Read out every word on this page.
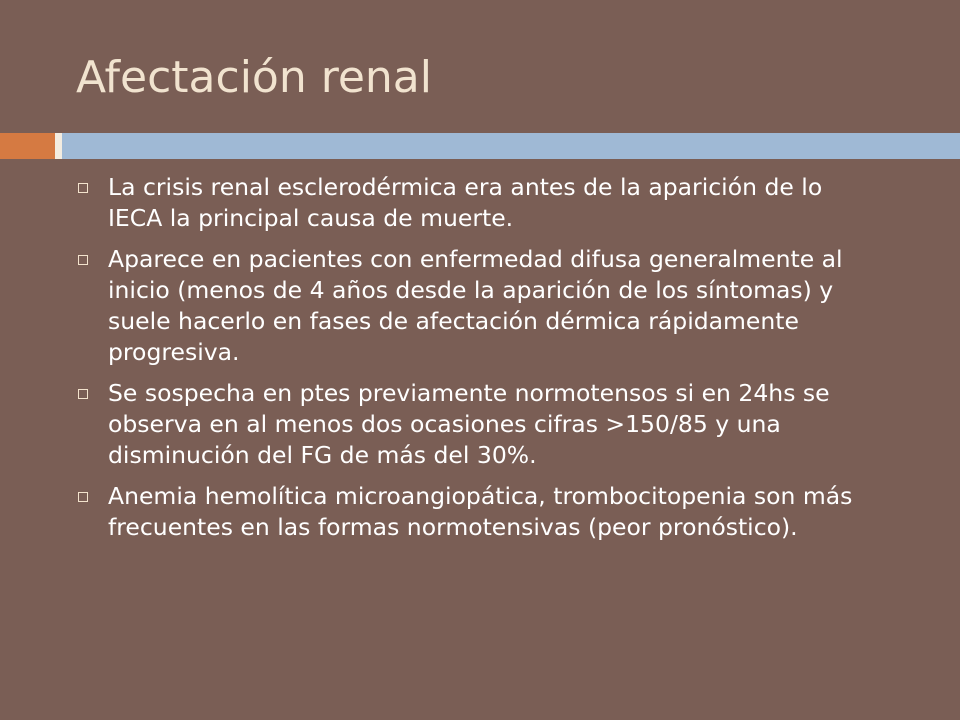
Afectación renal

La crisis renal esclerodérmica era antes de la aparición de lo IECA la principal causa de muerte.

Aparece en pacientes con enfermedad difusa generalmente al inicio (menos de 4 años desde la aparición de los síntomas) y suele hacerlo en fases de afectación dérmica rápidamente progresiva.

Se sospecha en ptes previamente normotensos si en 24hs se observa en al menos dos ocasiones cifras >150/85 y una disminución del FG de más del 30%.

Anemia hemolítica microangiopática, trombocitopenia son más frecuentes en las formas normotensivas (peor pronóstico).
